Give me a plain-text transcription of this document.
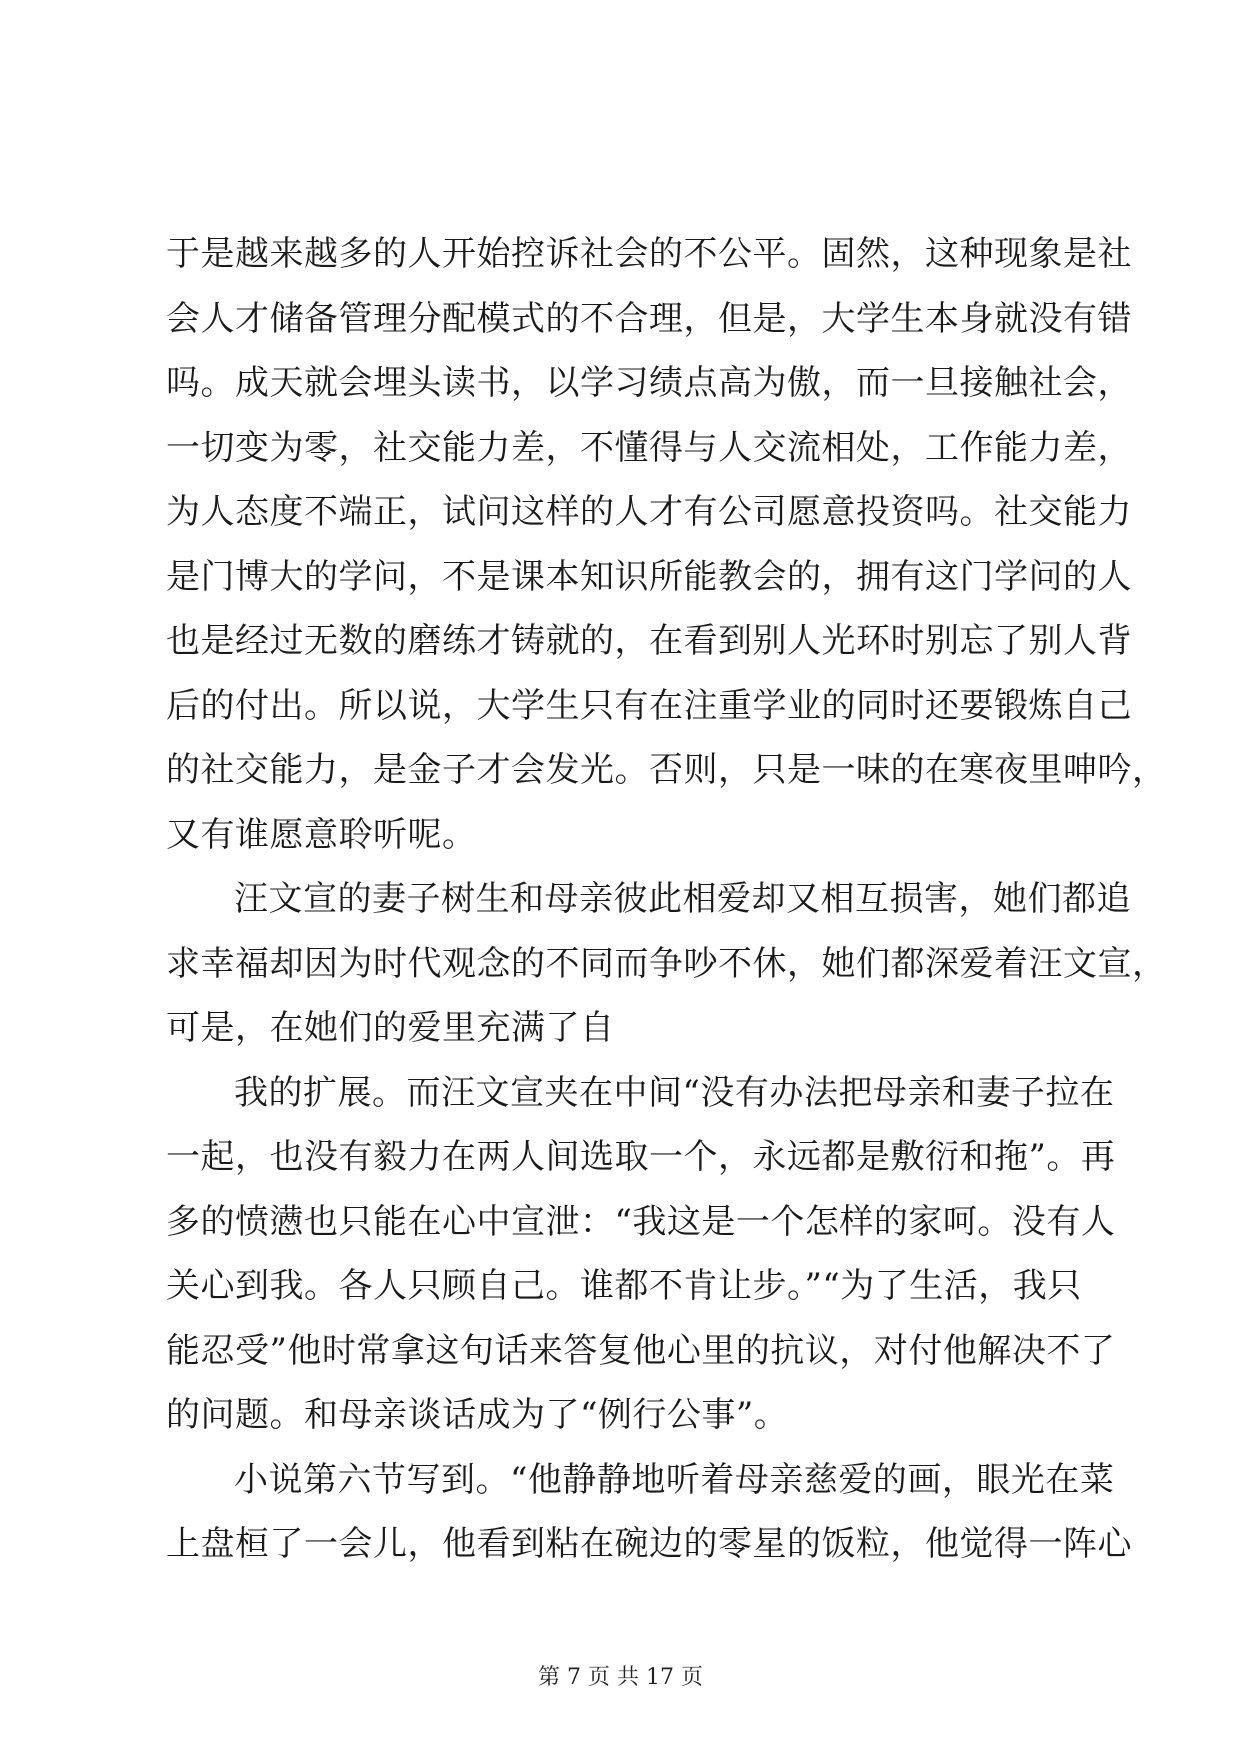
于是越来越多的人开始控诉社会的不公平。固然，这种现象是社
会人才储备管理分配模式的不合理，但是，大学生本身就没有错
吗。成天就会埋头读书，以学习绩点高为傲，而一旦接触社会，
一切变为零，社交能力差，不懂得与人交流相处，工作能力差，
为人态度不端正，试问这样的人才有公司愿意投资吗。社交能力
是门博大的学问，不是课本知识所能教会的，拥有这门学问的人
也是经过无数的磨练才铸就的，在看到别人光环时别忘了别人背
后的付出。所以说，大学生只有在注重学业的同时还要锻炼自己
的社交能力，是金子才会发光。否则，只是一味的在寒夜里呻吟，
又有谁愿意聆听呢。
汪文宣的妻子树生和母亲彼此相爱却又相互损害，她们都追
求幸福却因为时代观念的不同而争吵不休，她们都深爱着汪文宣，
可是，在她们的爱里充满了自
我的扩展。而汪文宣夹在中间“没有办法把母亲和妻子拉在
一起，也没有毅力在两人间选取一个，永远都是敷衍和拖”。再
多的愤懑也只能在心中宣泄：“我这是一个怎样的家呵。没有人
关心到我。各人只顾自己。谁都不肯让步。”“为了生活，我只
能忍受”他时常拿这句话来答复他心里的抗议，对付他解决不了
的问题。和母亲谈话成为了“例行公事”。
小说第六节写到。“他静静地听着母亲慈爱的画，眼光在菜
上盘桓了一会儿，他看到粘在碗边的零星的饭粒，他觉得一阵心
第 7 页 共 17 页
